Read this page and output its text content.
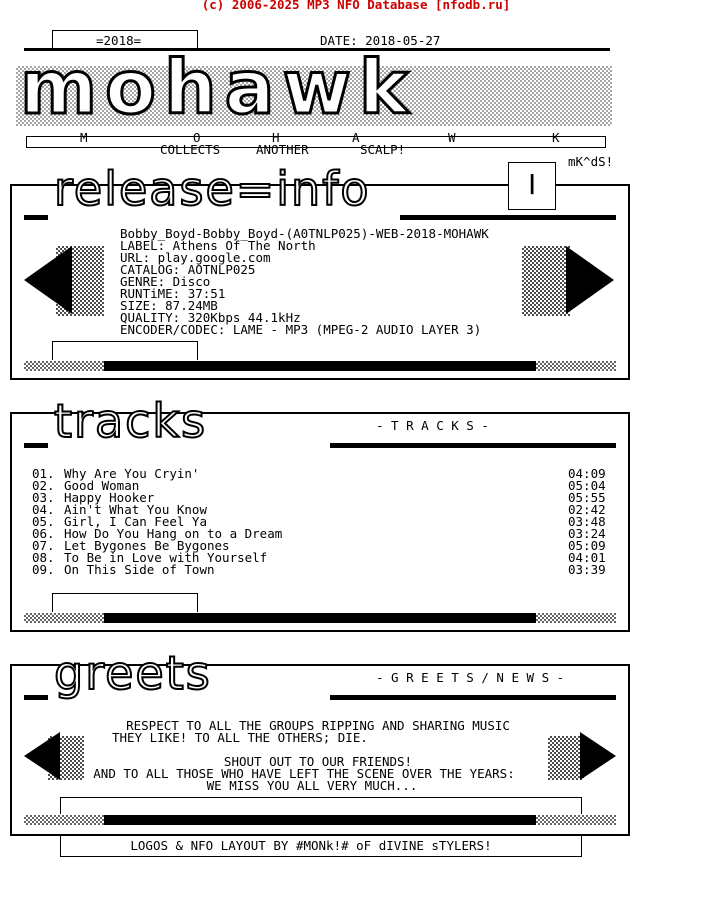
(c) 2006-2025 MP3 NFO Database [nfodb.ru]
=2018=	DATE: 2018-05-27
mohawk
M	O	H	A	W	K
COLLECTS	ANOTHER	SCALP!
mK^dS!
I
release=info
Bobby_Boyd-Bobby_Boyd-(A0TNLP025)-WEB-2018-MOHAWK
LABEL: Athens Of The North
URL: play.google.com
CATALOG: AOTNLP025
GENRE: Disco
RUNTiME: 37:51
SIZE: 87.24MB
QUALITY: 320Kbps 44.1kHz
ENCODER/CODEC: LAME - MP3 (MPEG-2 AUDIO LAYER 3)
tracks	- T R A C K S -
01. Why Are You Cryin'	04:09
02. Good Woman	05:04
03. Happy Hooker	05:55
04. Ain't What You Know	02:42
05. Girl, I Can Feel Ya	03:48
06. How Do You Hang on to a Dream	03:24
07. Let Bygones Be Bygones	05:09
08. To Be in Love with Yourself	04:01
09. On This Side of Town	03:39
greets	- G R E E T S / N E W S -
RESPECT TO ALL THE GROUPS RIPPING AND SHARING MUSIC
THEY LIKE! TO ALL THE OTHERS; DIE.
SHOUT OUT TO OUR FRIENDS!
AND TO ALL THOSE WHO HAVE LEFT THE SCENE OVER THE YEARS:
WE MISS YOU ALL VERY MUCH...
LOGOS & NFO LAYOUT BY #MONk!# oF dIVINE sTYLERS!
